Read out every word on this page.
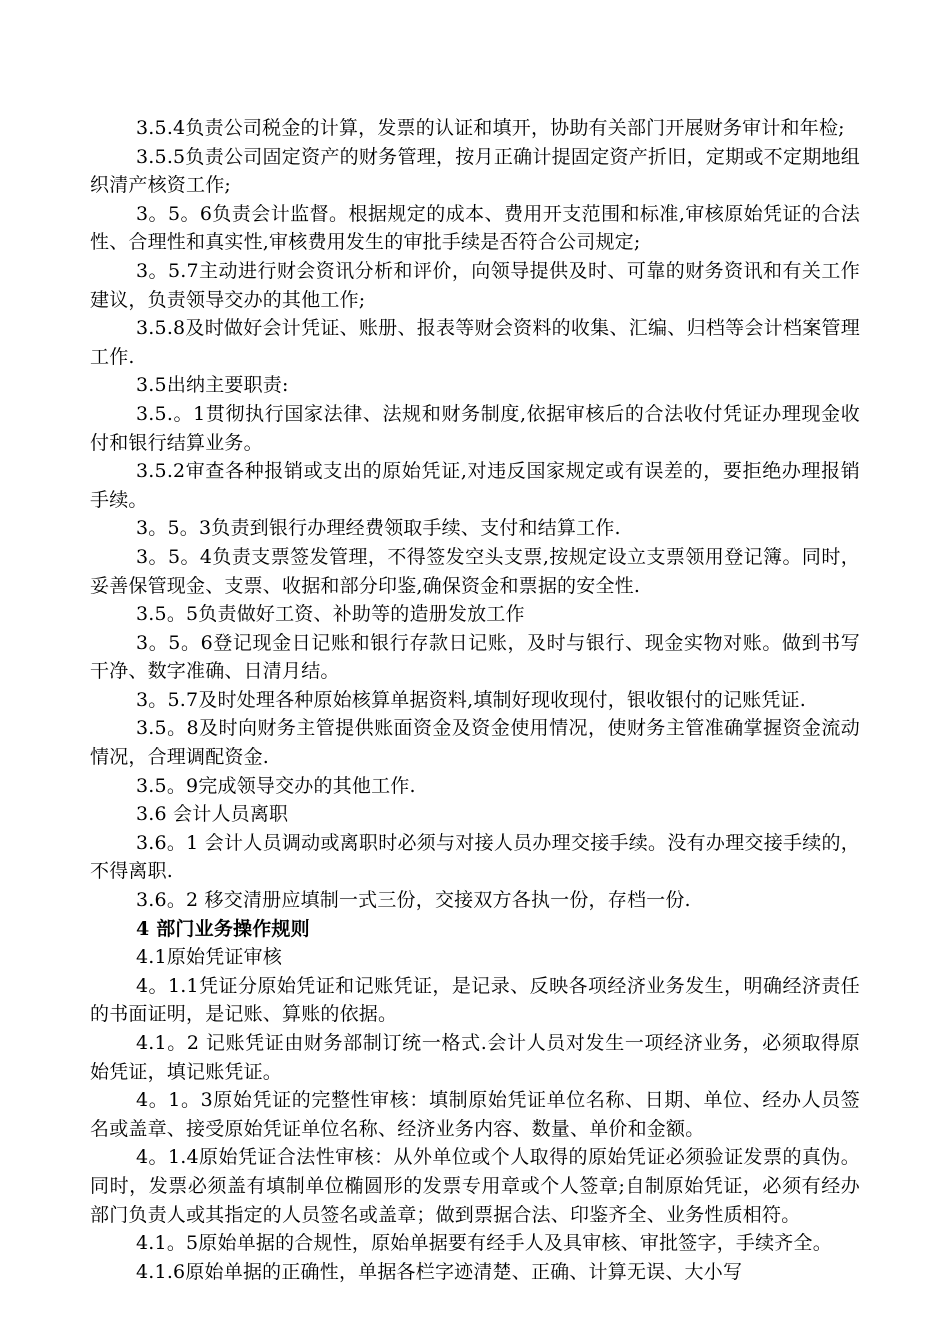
3.5.4负责公司税金的计算，发票的认证和填开，协助有关部门开展财务审计和年检;

3.5.5负责公司固定资产的财务管理，按月正确计提固定资产折旧，定期或不定期地组织清产核资工作;

3。5。6负责会计监督。根据规定的成本、费用开支范围和标准,审核原始凭证的合法性、合理性和真实性,审核费用发生的审批手续是否符合公司规定;

3。5.7主动进行财会资讯分析和评价，向领导提供及时、可靠的财务资讯和有关工作建议，负责领导交办的其他工作;

3.5.8及时做好会计凭证、账册、报表等财会资料的收集、汇编、归档等会计档案管理工作.

3.5出纳主要职责:

3.5.。1贯彻执行国家法律、法规和财务制度,依据审核后的合法收付凭证办理现金收付和银行结算业务。

3.5.2审查各种报销或支出的原始凭证,对违反国家规定或有误差的，要拒绝办理报销手续。

3。5。3负责到银行办理经费领取手续、支付和结算工作.

3。5。4负责支票签发管理，不得签发空头支票,按规定设立支票领用登记簿。同时，妥善保管现金、支票、收据和部分印鉴,确保资金和票据的安全性.

3.5。5负责做好工资、补助等的造册发放工作

3。5。6登记现金日记账和银行存款日记账，及时与银行、现金实物对账。做到书写干净、数字准确、日清月结。

3。5.7及时处理各种原始核算单据资料,填制好现收现付，银收银付的记账凭证.

3.5。8及时向财务主管提供账面资金及资金使用情况，使财务主管准确掌握资金流动情况，合理调配资金.

3.5。9完成领导交办的其他工作.

3.6 会计人员离职

3.6。1 会计人员调动或离职时必须与对接人员办理交接手续。没有办理交接手续的，不得离职.

3.6。2 移交清册应填制一式三份，交接双方各执一份，存档一份.

4 部门业务操作规则

4.1原始凭证审核

4。1.1凭证分原始凭证和记账凭证，是记录、反映各项经济业务发生，明确经济责任的书面证明，是记账、算账的依据。

4.1。2 记账凭证由财务部制订统一格式.会计人员对发生一项经济业务，必须取得原始凭证，填记账凭证。

4。1。3原始凭证的完整性审核：填制原始凭证单位名称、日期、单位、经办人员签名或盖章、接受原始凭证单位名称、经济业务内容、数量、单价和金额。

4。1.4原始凭证合法性审核：从外单位或个人取得的原始凭证必须验证发票的真伪。同时，发票必须盖有填制单位椭圆形的发票专用章或个人签章;自制原始凭证，必须有经办部门负责人或其指定的人员签名或盖章；做到票据合法、印鉴齐全、业务性质相符。

4.1。5原始单据的合规性，原始单据要有经手人及具审核、审批签字，手续齐全。

4.1.6原始单据的正确性，单据各栏字迹清楚、正确、计算无误、大小写
